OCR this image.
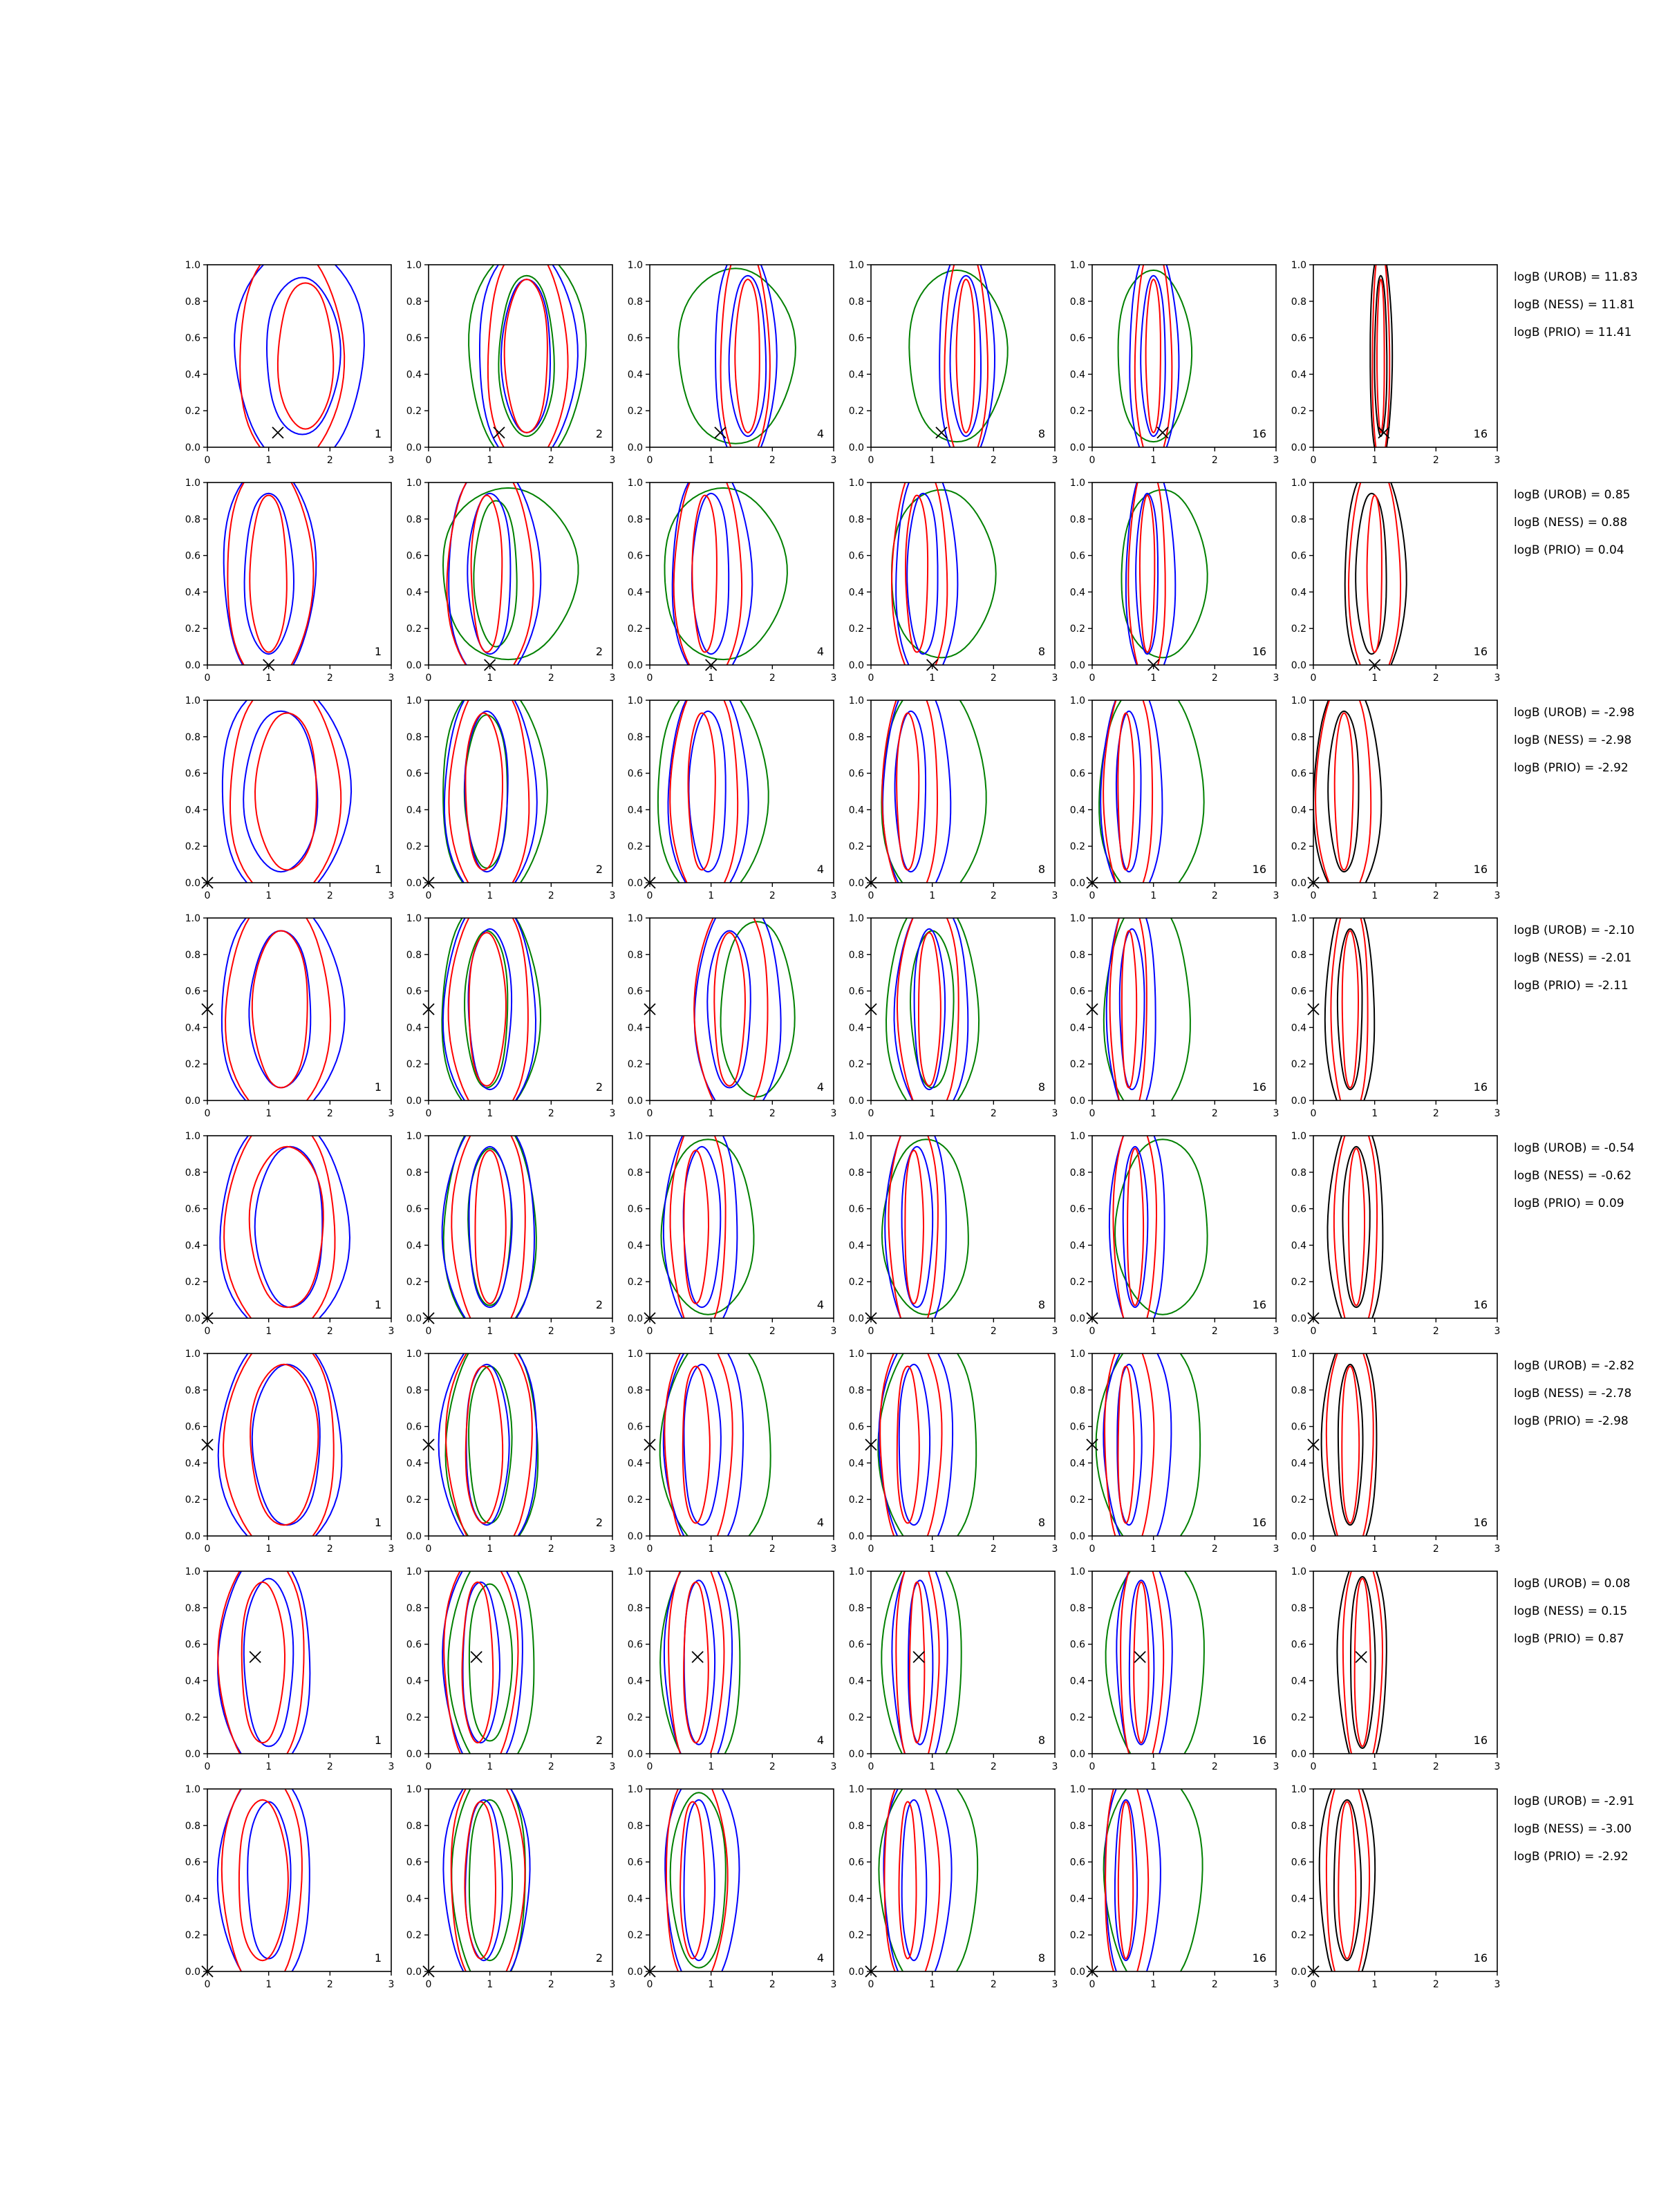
0.0
0.2
0.4
0.6
0.8
1.0
0	1	2	3
1
0.0
0.2
0.4
0.6
0.8
1.0
0	1	2	3
2
0.0
0.2
0.4
0.6
0.8
1.0
0	1	2	3
4
0.0
0.2
0.4
0.6
0.8
1.0
0	1	2	3
8
0.0
0.2
0.4
0.6
0.8
1.0
0	1	2	3
16
0.0
0.2
0.4
0.6
0.8
1.0
0	1	2	3
16
logB (UROB) = 11.83
logB (NESS) = 11.81
logB (PRIO) = 11.41
0.0
0.2
0.4
0.6
0.8
1.0
0	1	2	3
1
0.0
0.2
0.4
0.6
0.8
1.0
0	1	2	3
2
0.0
0.2
0.4
0.6
0.8
1.0
0	1	2	3
4
0.0
0.2
0.4
0.6
0.8
1.0
0	1	2	3
8
0.0
0.2
0.4
0.6
0.8
1.0
0	1	2	3
16
0.0
0.2
0.4
0.6
0.8
1.0
0	1	2	3
16
logB (UROB) = 0.85
logB (NESS) = 0.88
logB (PRIO) = 0.04
0.0
0.2
0.4
0.6
0.8
1.0
0	1	2	3
1
0.0
0.2
0.4
0.6
0.8
1.0
0	1	2	3
2
0.0
0.2
0.4
0.6
0.8
1.0
0	1	2	3
4
0.0
0.2
0.4
0.6
0.8
1.0
0	1	2	3
8
0.0
0.2
0.4
0.6
0.8
1.0
0	1	2	3
16
0.0
0.2
0.4
0.6
0.8
1.0
0	1	2	3
16
logB (UROB) = -2.98
logB (NESS) = -2.98
logB (PRIO) = -2.92
0.0
0.2
0.4
0.6
0.8
1.0
0	1	2	3
1
0.0
0.2
0.4
0.6
0.8
1.0
0	1	2	3
2
0.0
0.2
0.4
0.6
0.8
1.0
0	1	2	3
4
0.0
0.2
0.4
0.6
0.8
1.0
0	1	2	3
8
0.0
0.2
0.4
0.6
0.8
1.0
0	1	2	3
16
0.0
0.2
0.4
0.6
0.8
1.0
0	1	2	3
16
logB (UROB) = -2.10
logB (NESS) = -2.01
logB (PRIO) = -2.11
0.0
0.2
0.4
0.6
0.8
1.0
0	1	2	3
1
0.0
0.2
0.4
0.6
0.8
1.0
0	1	2	3
2
0.0
0.2
0.4
0.6
0.8
1.0
0	1	2	3
4
0.0
0.2
0.4
0.6
0.8
1.0
0	1	2	3
8
0.0
0.2
0.4
0.6
0.8
1.0
0	1	2	3
16
0.0
0.2
0.4
0.6
0.8
1.0
0	1	2	3
16
logB (UROB) = -0.54
logB (NESS) = -0.62
logB (PRIO) = 0.09
0.0
0.2
0.4
0.6
0.8
1.0
0	1	2	3
1
0.0
0.2
0.4
0.6
0.8
1.0
0	1	2	3
2
0.0
0.2
0.4
0.6
0.8
1.0
0	1	2	3
4
0.0
0.2
0.4
0.6
0.8
1.0
0	1	2	3
8
0.0
0.2
0.4
0.6
0.8
1.0
0	1	2	3
16
0.0
0.2
0.4
0.6
0.8
1.0
0	1	2	3
16
logB (UROB) = -2.82
logB (NESS) = -2.78
logB (PRIO) = -2.98
0.0
0.2
0.4
0.6
0.8
1.0
0	1	2	3
1
0.0
0.2
0.4
0.6
0.8
1.0
0	1	2	3
2
0.0
0.2
0.4
0.6
0.8
1.0
0	1	2	3
4
0.0
0.2
0.4
0.6
0.8
1.0
0	1	2	3
8
0.0
0.2
0.4
0.6
0.8
1.0
0	1	2	3
16
0.0
0.2
0.4
0.6
0.8
1.0
0	1	2	3
16
logB (UROB) = 0.08
logB (NESS) = 0.15
logB (PRIO) = 0.87
0.0
0.2
0.4
0.6
0.8
1.0
0	1	2	3
1
0.0
0.2
0.4
0.6
0.8
1.0
0	1	2	3
2
0.0
0.2
0.4
0.6
0.8
1.0
0	1	2	3
4
0.0
0.2
0.4
0.6
0.8
1.0
0	1	2	3
8
0.0
0.2
0.4
0.6
0.8
1.0
0	1	2	3
16
0.0
0.2
0.4
0.6
0.8
1.0
0	1	2	3
16
logB (UROB) = -2.91
logB (NESS) = -3.00
logB (PRIO) = -2.92
